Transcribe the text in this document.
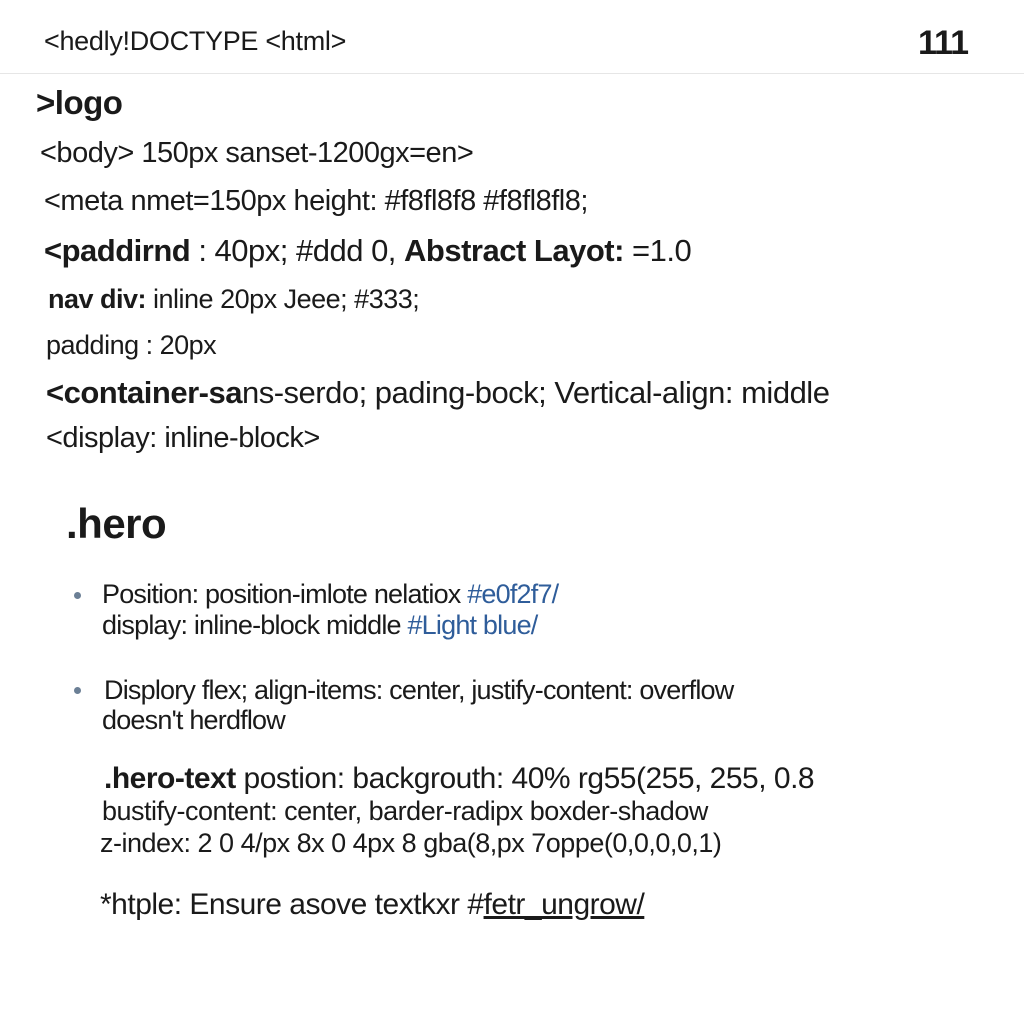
<hedly!DOCTYPE <html>	111
>logo
<body> 150px sanset-1200gx=en>
<meta nmet=150px height: #f8fl8f8 #f8fl8fl8;
<paddirnd : 40px; #ddd 0, Abstract Layot: =1.0
nav div: inline 20px Jeee; #333;
padding : 20px
<container-sans-serdo; pading-bock; Vertical-align: middle
<display: inline-block>
.hero
Position: position-imlote nelatiox #e0f2f7/
display: inline-block middle #Light blue/
Displory flex; align-items: center, justify-content: overflow
doesn't herdflow
.hero-text postion: backgrouth: 40% rg55(255, 255, 0.8
bustify-content: center, barder-radipx boxder-shadow
z-index: 2 0 4/px 8x 0 4px 8 gba(8,px 7oppe(0,0,0,0,1)
*htple: Ensure asove textkxr #fetr_ungrow/
